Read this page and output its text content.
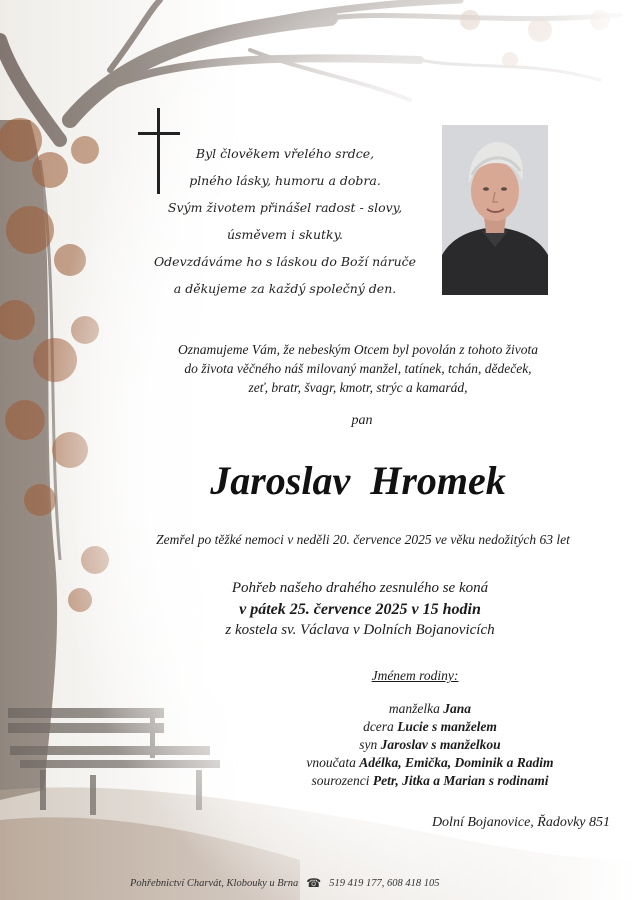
Byl člověkem vřelého srdce,
plného lásky, humoru a dobra.
Svým životem přinášel radost - slovy,
úsměvem i skutky.
Odevzdáváme ho s láskou do Boží náruče
a děkujeme za každý společný den.
Oznamujeme Vám, že nebeským Otcem byl povolán z tohoto života
do života věčného náš milovaný manžel, tatínek, tchán, dědeček,
zeť, bratr, švagr, kmotr, strýc a kamarád,
pan
Jaroslav  Hromek
Zemřel po těžké nemoci v neděli 20. července 2025 ve věku nedožitých 63 let
Pohřeb našeho drahého zesnulého se koná
v pátek 25. července 2025 v 15 hodin
z kostela sv. Václava v Dolních Bojanovicích
Jménem rodiny:
manželka Jana
dcera Lucie s manželem
syn Jaroslav s manželkou
vnoučata Adélka, Emička, Dominik a Radim
sourozenci Petr, Jitka a Marian s rodinami
Dolní Bojanovice, Řadovky 851
Pohřebnictví Charvát, Klobouky u Brna ☎ 519 419 177, 608 418 105
